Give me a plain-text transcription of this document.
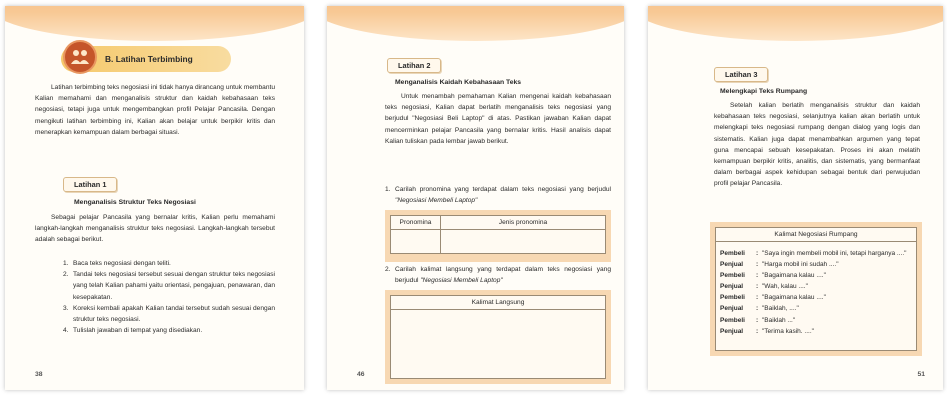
B. Latihan Terbimbing

Latihan terbimbing teks negosiasi ini tidak hanya dirancang untuk membantu Kalian memahami dan menganalisis struktur dan kaidah kebahasaan teks negosiasi, tetapi juga untuk mengembangkan profil Pelajar Pancasila. Dengan mengikuti latihan terbimbing ini, Kalian akan belajar untuk berpikir kritis dan menerapkan kemampuan dalam berbagai situasi.

Latihan 1
Menganalisis Struktur Teks Negosiasi

Sebagai pelajar Pancasila yang bernalar kritis, Kalian perlu memahami langkah-langkah menganalisis struktur teks negosiasi. Langkah-langkah tersebut adalah sebagai berikut.

1. Baca teks negosiasi dengan teliti.
2. Tandai teks negosiasi tersebut sesuai dengan struktur teks negosiasi yang telah Kalian pahami yaitu orientasi, pengajuan, penawaran, dan kesepakatan.
3. Koreksi kembali apakah Kalian tandai tersebut sudah sesuai dengan struktur teks negosiasi.
4. Tulislah jawaban di tempat yang disediakan.
38
Latihan 2
Menganalisis Kaidah Kebahasaan Teks

Untuk menambah pemahaman Kalian mengenai kaidah kebahasaan teks negosiasi, Kalian dapat berlatih menganalisis teks negosiasi yang berjudul "Negosiasi Beli Laptop" di atas. Pastikan jawaban Kalian dapat mencerminkan pelajar Pancasila yang bernalar kritis. Hasil analisis dapat Kalian tuliskan pada lembar jawab berikut.

1. Carilah pronomina yang terdapat dalam teks negosiasi yang berjudul "Negosiasi Membeli Laptop"
Pronomina	Jenis pronomina

2. Carilah kalimat langsung yang terdapat dalam teks negosiasi yang berjudul "Negosiasi Membeli Laptop"
Kalimat Langsung
46
Latihan 3
Melengkapi Teks Rumpang

Setelah kalian berlatih menganalisis struktur dan kaidah kebahasaan teks negosiasi, selanjutnya kalian akan berlatih untuk melengkapi teks negosiasi rumpang dengan dialog yang logis dan sistematis. Kalian juga dapat menambahkan argumen yang tepat guna mencapai sebuah kesepakatan. Proses ini akan melatih kemampuan berpikir kritis, analitis, dan sistematis, yang bermanfaat dalam berbagai aspek kehidupan sebagai bentuk dari perwujudan profil pelajar Pancasila.

Kalimat Negosiasi Rumpang
Pembeli	: "Saya ingin membeli mobil ini, tetapi harganya ...."
Penjual	: "Harga mobil ini sudah ...."
Pembeli	: "Bagaimana kalau ...."
Penjual	: "Wah, kalau ...."
Pembeli	: "Bagaimana kalau ...."
Penjual	: "Baiklah, ...."
Pembeli	: "Baiklah ..."
Penjual	: "Terima kasih. ...."
51
